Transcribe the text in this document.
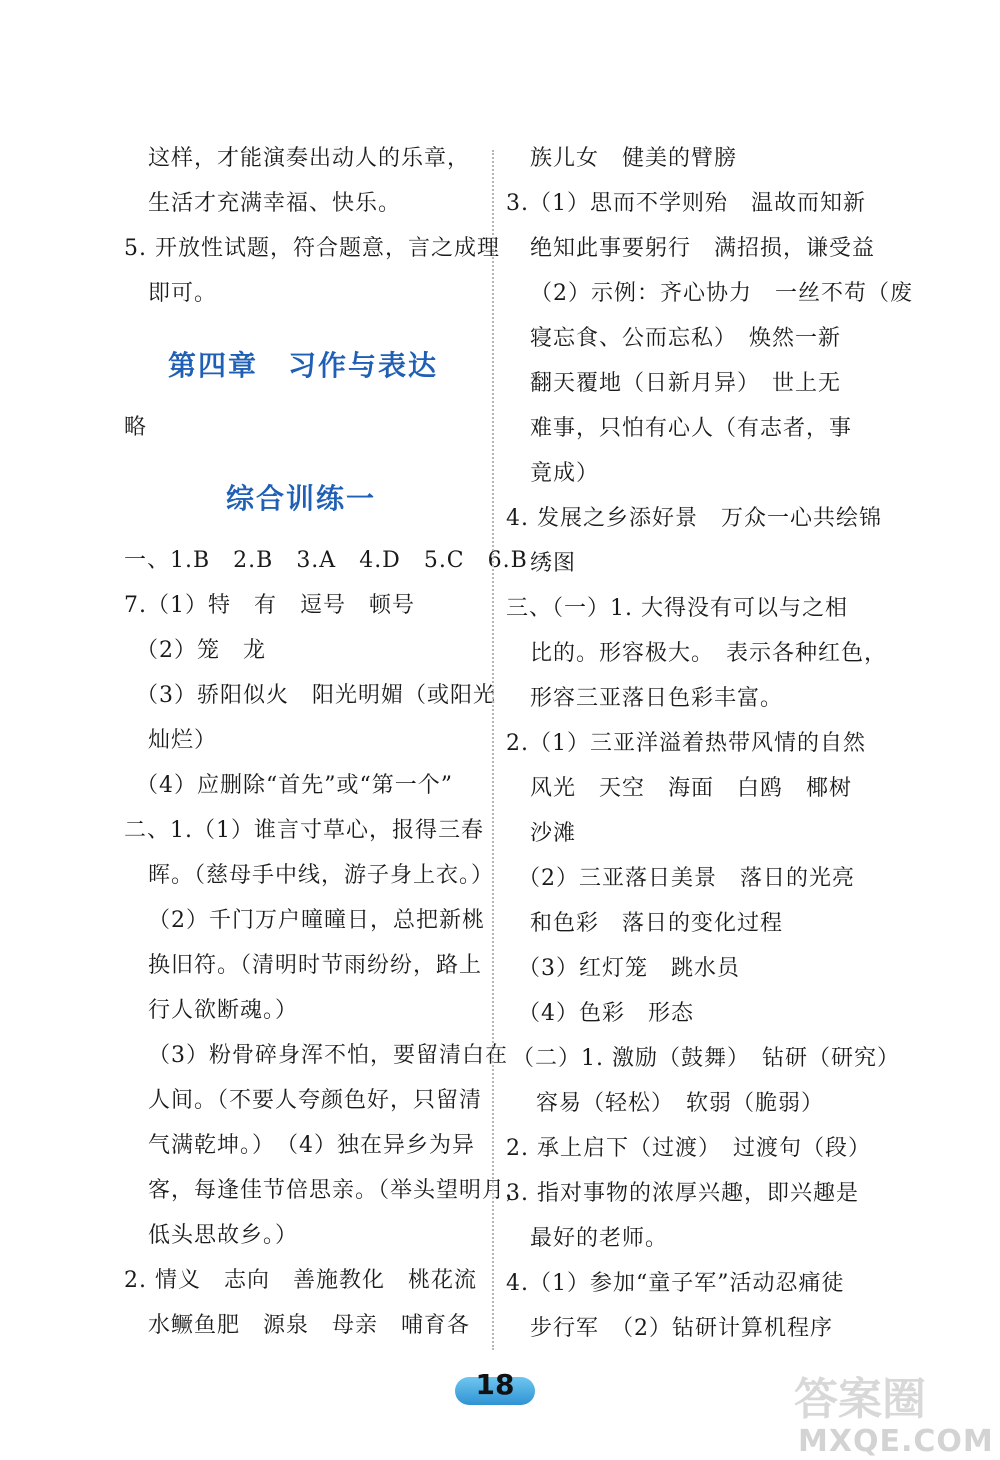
这样，才能演奏出动人的乐章，
生活才充满幸福、快乐。
5. 开放性试题，符合题意，言之成理
即可。
第四章　习作与表达
略
综合训练一
一、1.B　2.B　3.A　4.D　5.C　6.B
7.（1）特　有　逗号　顿号
（2）笼　龙
（3）骄阳似火　阳光明媚（或阳光
灿烂）
（4）应删除“首先”或“第一个”
二、1.（1）谁言寸草心，报得三春
晖。（慈母手中线，游子身上衣。）
（2）千门万户曈曈日，总把新桃
换旧符。（清明时节雨纷纷，路上
行人欲断魂。）
（3）粉骨碎身浑不怕，要留清白在
人间。（不要人夸颜色好，只留清
气满乾坤。）　（4）独在异乡为异
客，每逢佳节倍思亲。（举头望明月，
低头思故乡。）
2. 情义　志向　善施教化　桃花流
水鳜鱼肥　源泉　母亲　哺育各
族儿女　健美的臂膀
3.（1）思而不学则殆　温故而知新
绝知此事要躬行　满招损，谦受益
（2）示例：齐心协力　一丝不苟（废
寝忘食、公而忘私）　焕然一新
翻天覆地（日新月异）　世上无
难事，只怕有心人（有志者，事
竟成）
4. 发展之乡添好景　万众一心共绘锦
绣图
三、（一）1. 大得没有可以与之相
比的。形容极大。　表示各种红色，
形容三亚落日色彩丰富。
2.（1）三亚洋溢着热带风情的自然
风光　天空　海面　白鸥　椰树
沙滩
（2）三亚落日美景　落日的光亮
和色彩　落日的变化过程
（3）红灯笼　跳水员
（4）色彩　形态
（二）1. 激励（鼓舞）　钻研（研究）
容易（轻松）　软弱（脆弱）
2. 承上启下（过渡）　过渡句（段）
3. 指对事物的浓厚兴趣，即兴趣是
最好的老师。
4.（1）参加“童子军”活动忍痛徒
步行军　（2）钻研计算机程序
18	答案圈
MXQE.COM
